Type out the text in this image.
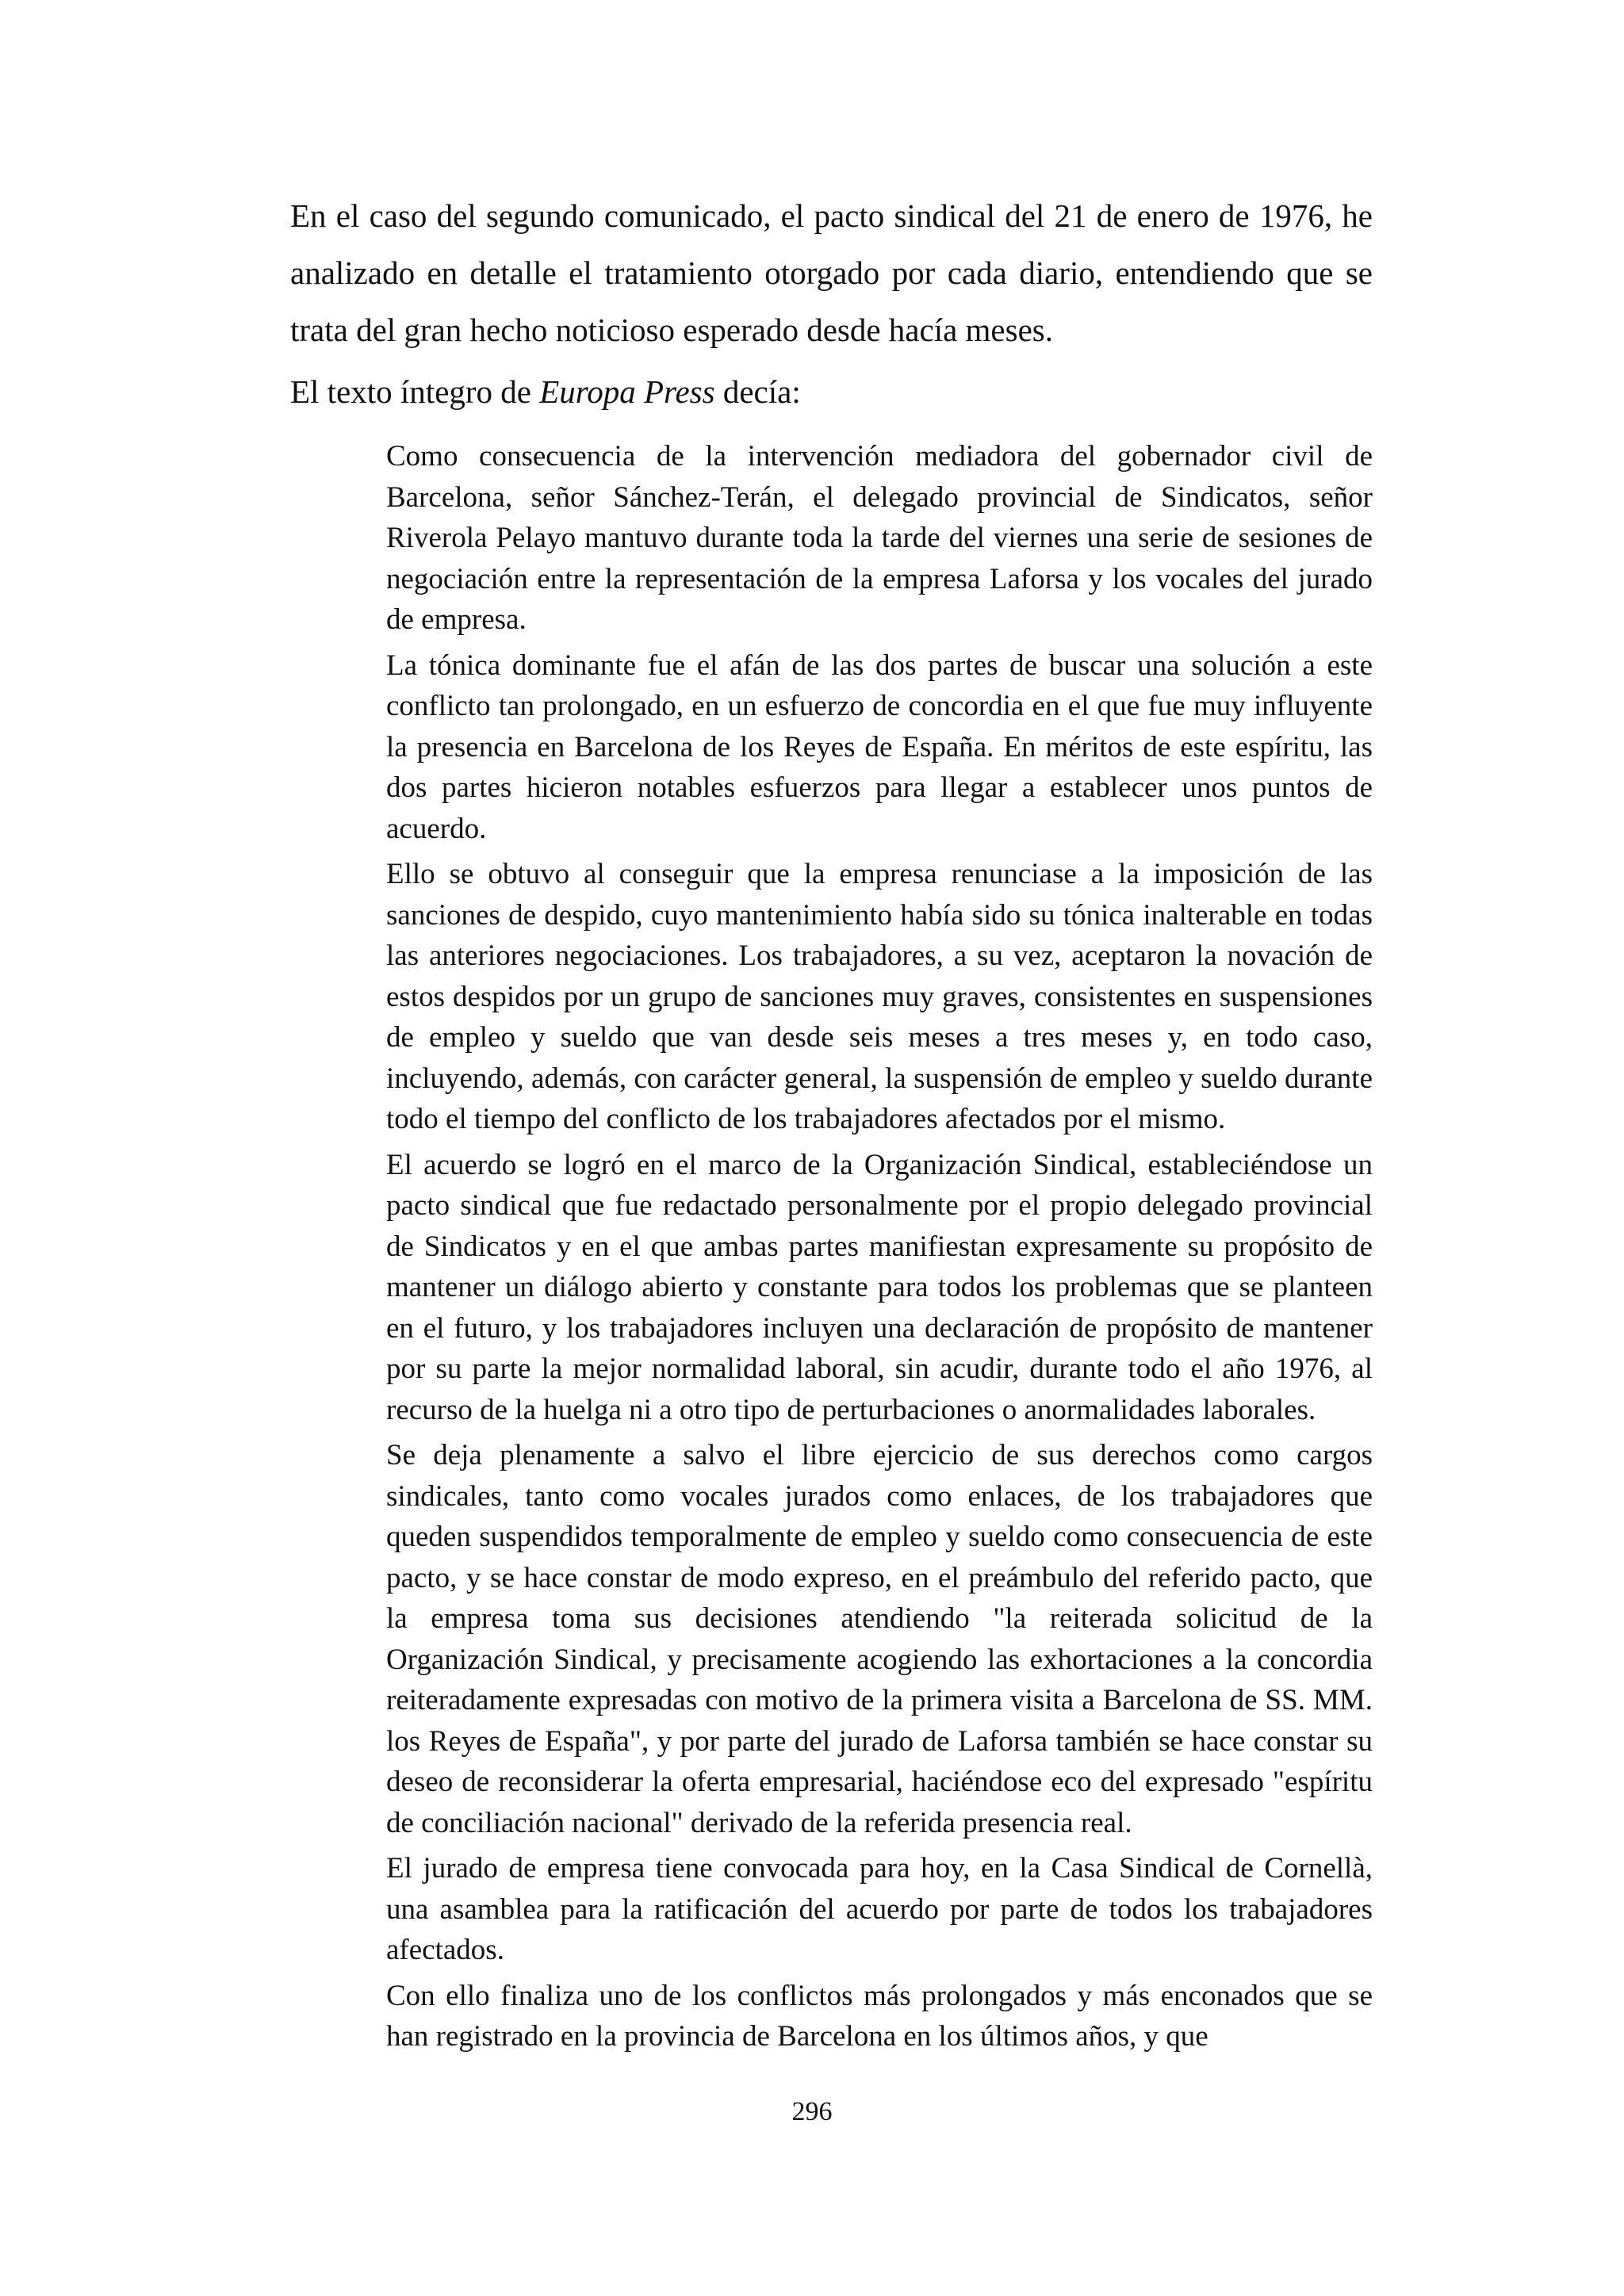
En el caso del segundo comunicado, el pacto sindical del 21 de enero de 1976, he analizado en detalle el tratamiento otorgado por cada diario, entendiendo que se trata del gran hecho noticioso esperado desde hacía meses.

El texto íntegro de Europa Press decía:

Como consecuencia de la intervención mediadora del gobernador civil de Barcelona, señor Sánchez-Terán, el delegado provincial de Sindicatos, señor Riverola Pelayo mantuvo durante toda la tarde del viernes una serie de sesiones de negociación entre la representación de la empresa Laforsa y los vocales del jurado de empresa.

La tónica dominante fue el afán de las dos partes de buscar una solución a este conflicto tan prolongado, en un esfuerzo de concordia en el que fue muy influyente la presencia en Barcelona de los Reyes de España. En méritos de este espíritu, las dos partes hicieron notables esfuerzos para llegar a establecer unos puntos de acuerdo.

Ello se obtuvo al conseguir que la empresa renunciase a la imposición de las sanciones de despido, cuyo mantenimiento había sido su tónica inalterable en todas las anteriores negociaciones. Los trabajadores, a su vez, aceptaron la novación de estos despidos por un grupo de sanciones muy graves, consistentes en suspensiones de empleo y sueldo que van desde seis meses a tres meses y, en todo caso, incluyendo, además, con carácter general, la suspensión de empleo y sueldo durante todo el tiempo del conflicto de los trabajadores afectados por el mismo.

El acuerdo se logró en el marco de la Organización Sindical, estableciéndose un pacto sindical que fue redactado personalmente por el propio delegado provincial de Sindicatos y en el que ambas partes manifiestan expresamente su propósito de mantener un diálogo abierto y constante para todos los problemas que se planteen en el futuro, y los trabajadores incluyen una declaración de propósito de mantener por su parte la mejor normalidad laboral, sin acudir, durante todo el año 1976, al recurso de la huelga ni a otro tipo de perturbaciones o anormalidades laborales.

Se deja plenamente a salvo el libre ejercicio de sus derechos como cargos sindicales, tanto como vocales jurados como enlaces, de los trabajadores que queden suspendidos temporalmente de empleo y sueldo como consecuencia de este pacto, y se hace constar de modo expreso, en el preámbulo del referido pacto, que la empresa toma sus decisiones atendiendo "la reiterada solicitud de la Organización Sindical, y precisamente acogiendo las exhortaciones a la concordia reiteradamente expresadas con motivo de la primera visita a Barcelona de SS. MM. los Reyes de España", y por parte del jurado de Laforsa también se hace constar su deseo de reconsiderar la oferta empresarial, haciéndose eco del expresado "espíritu de conciliación nacional" derivado de la referida presencia real.

El jurado de empresa tiene convocada para hoy, en la Casa Sindical de Cornellà, una asamblea para la ratificación del acuerdo por parte de todos los trabajadores afectados.

Con ello finaliza uno de los conflictos más prolongados y más enconados que se han registrado en la provincia de Barcelona en los últimos años, y que

296
